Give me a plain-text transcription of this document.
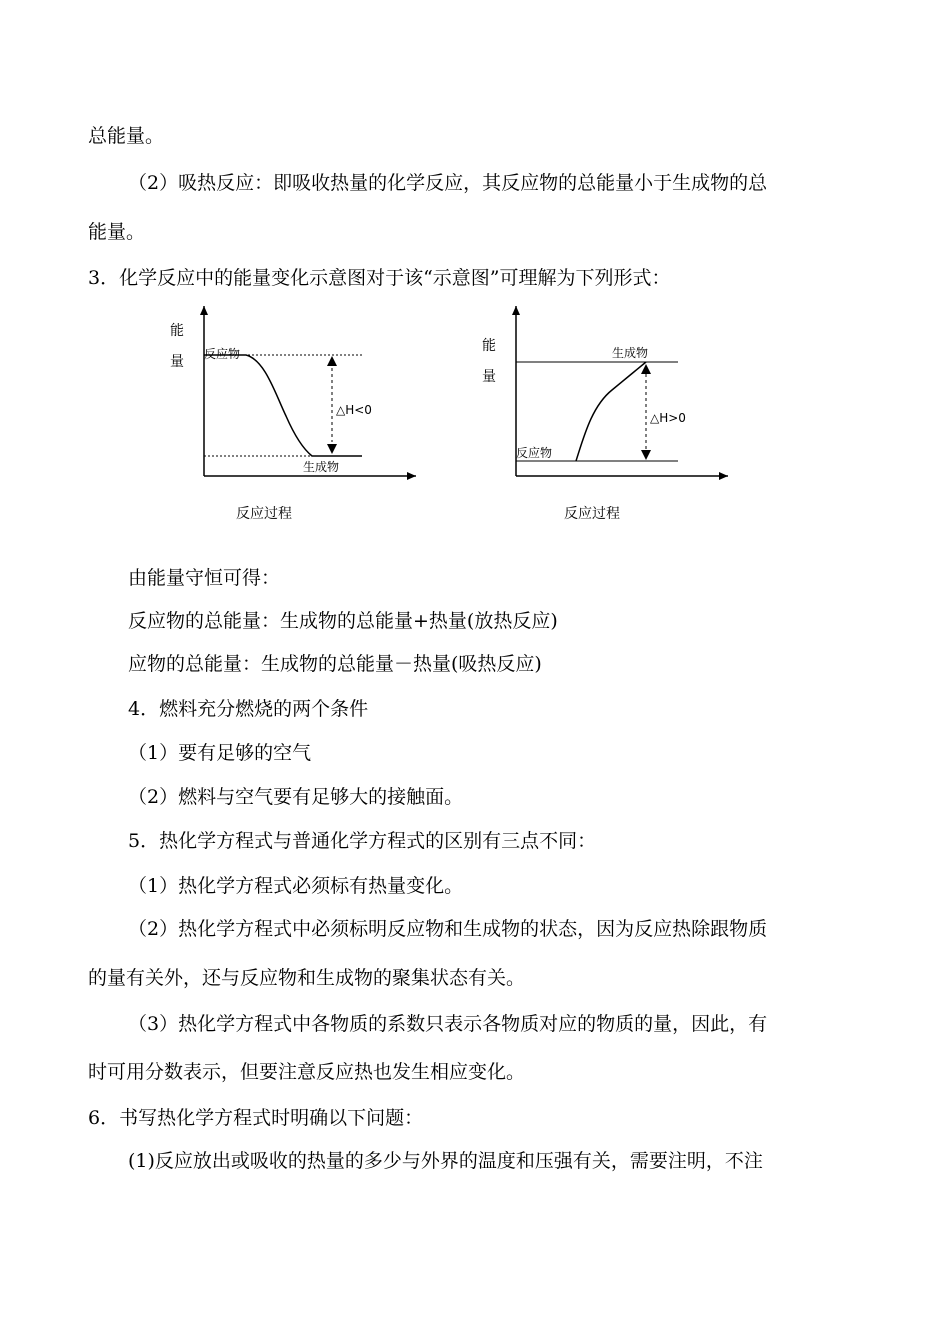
总能量。
（2）吸热反应：即吸收热量的化学反应，其反应物的总能量小于生成物的总
能量。
3．化学反应中的能量变化示意图对于该“示意图”可理解为下列形式：
能
量 反应物
生成物
△H<0
反应过程
能
量
生成物
反应物
△H>0
反应过程
由能量守恒可得：
反应物的总能量：生成物的总能量+热量(放热反应)
应物的总能量：生成物的总能量－热量(吸热反应)
4．燃料充分燃烧的两个条件
（1）要有足够的空气
（2）燃料与空气要有足够大的接触面。
5．热化学方程式与普通化学方程式的区别有三点不同：
（1）热化学方程式必须标有热量变化。
（2）热化学方程式中必须标明反应物和生成物的状态，因为反应热除跟物质
的量有关外，还与反应物和生成物的聚集状态有关。
（3）热化学方程式中各物质的系数只表示各物质对应的物质的量，因此，有
时可用分数表示，但要注意反应热也发生相应变化。
6．书写热化学方程式时明确以下问题：
(1)反应放出或吸收的热量的多少与外界的温度和压强有关，需要注明，不注
